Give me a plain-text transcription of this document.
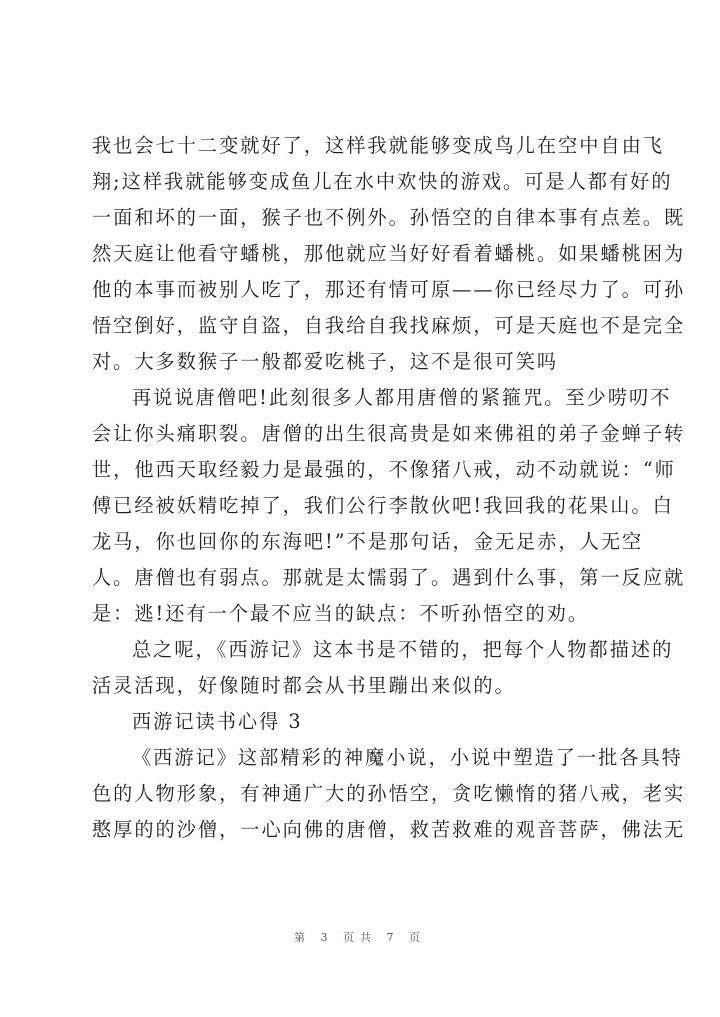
我也会七十二变就好了，这样我就能够变成鸟儿在空中自由飞
翔;这样我就能够变成鱼儿在水中欢快的游戏。可是人都有好的
一面和坏的一面，猴子也不例外。孙悟空的自律本事有点差。既
然天庭让他看守蟠桃，那他就应当好好看着蟠桃。如果蟠桃困为
他的本事而被别人吃了，那还有情可原——你已经尽力了。可孙
悟空倒好，监守自盗，自我给自我找麻烦，可是天庭也不是完全
对。大多数猴子一般都爱吃桃子，这不是很可笑吗

再说说唐僧吧!此刻很多人都用唐僧的紧箍咒。至少唠叨不
会让你头痛职裂。唐僧的出生很高贵是如来佛祖的弟子金蝉子转
世，他西天取经毅力是最强的，不像猪八戒，动不动就说：“师
傅已经被妖精吃掉了，我们公行李散伙吧!我回我的花果山。白
龙马，你也回你的东海吧!”不是那句话，金无足赤，人无空
人。唐僧也有弱点。那就是太懦弱了。遇到什么事，第一反应就
是：逃!还有一个最不应当的缺点：不听孙悟空的劝。

总之呢，《西游记》这本书是不错的，把每个人物都描述的
活灵活现，好像随时都会从书里蹦出来似的。

西游记读书心得 3

《西游记》这部精彩的神魔小说，小说中塑造了一批各具特
色的人物形象，有神通广大的孙悟空，贪吃懒惰的猪八戒，老实
憨厚的的沙僧，一心向佛的唐僧，救苦救难的观音菩萨，佛法无

第 3 页共 7 页
